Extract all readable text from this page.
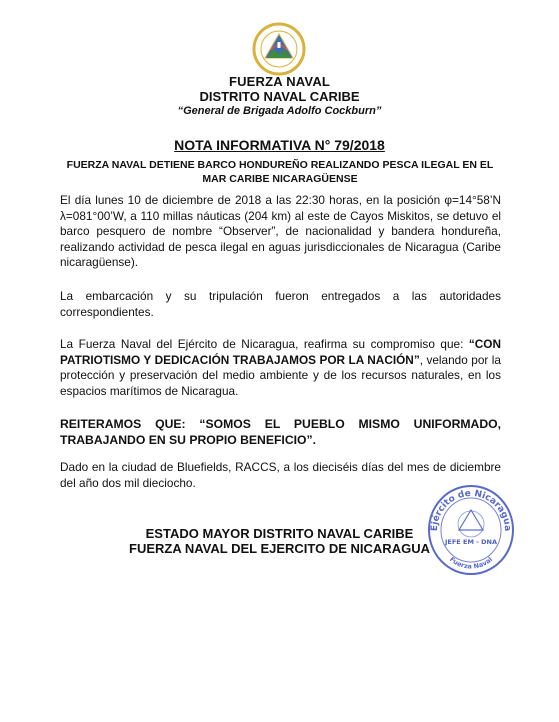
FUERZA NAVAL
DISTRITO NAVAL CARIBE
“General de Brigada Adolfo Cockburn”
NOTA INFORMATIVA N° 79/2018
FUERZA NAVAL DETIENE BARCO HONDUREÑO REALIZANDO PESCA ILEGAL EN EL MAR CARIBE NICARAGÜENSE
El día lunes 10 de diciembre de 2018 a las 22:30 horas, en la posición φ=14°58’N λ=081°00’W, a 110 millas náuticas (204 km) al este de Cayos Miskitos, se detuvo el barco pesquero de nombre “Observer”, de nacionalidad y bandera hondureña, realizando actividad de pesca ilegal en aguas jurisdiccionales de Nicaragua (Caribe nicaragüense).
La embarcación y su tripulación fueron entregados a las autoridades correspondientes.
La Fuerza Naval del Ejército de Nicaragua, reafirma su compromiso que: “CON PATRIOTISMO Y DEDICACIÓN TRABAJAMOS POR LA NACIÓN”, velando por la protección y preservación del medio ambiente y de los recursos naturales, en los espacios marítimos de Nicaragua.
REITERAMOS QUE: “SOMOS EL PUEBLO MISMO UNIFORMADO, TRABAJANDO EN SU PROPIO BENEFICIO”.
Dado en la ciudad de Bluefields, RACCS, a los dieciséis días del mes de diciembre del año dos mil dieciocho.
ESTADO MAYOR DISTRITO NAVAL CARIBE
FUERZA NAVAL DEL EJERCITO DE NICARAGUA
Ejército de Nicaragua
JEFE EM - DNA
Fuerza Naval
